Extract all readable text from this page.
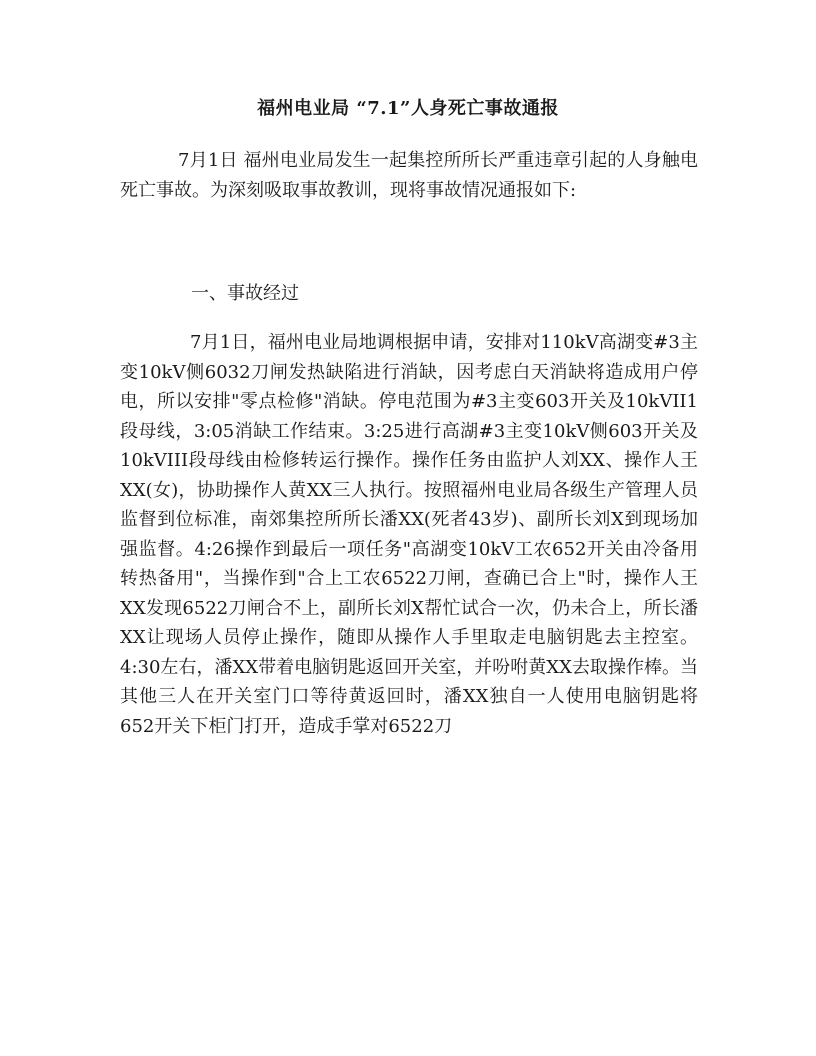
福州电业局 “7.1”人身死亡事故通报
7月1日 福州电业局发生一起集控所所长严重违章引起的人身触电死亡事故。为深刻吸取事故教训，现将事故情况通报如下:
一、事故经过
7月1日，福州电业局地调根据申请，安排对110kV高湖变#3主变10kV侧6032刀闸发热缺陷进行消缺，因考虑白天消缺将造成用户停电，所以安排"零点检修"消缺。停电范围为#3主变603开关及10kVII1段母线，3:05消缺工作结束。3:25进行高湖#3主变10kV侧603开关及10kVIII段母线由检修转运行操作。操作任务由监护人刘XX、操作人王XX(女)，协助操作人黄XX三人执行。按照福州电业局各级生产管理人员监督到位标准，南郊集控所所长潘XX(死者43岁)、副所长刘X到现场加强监督。4:26操作到最后一项任务"高湖变10kV工农652开关由冷备用转热备用"，当操作到"合上工农6522刀闸，查确已合上"时，操作人王XX发现6522刀闸合不上，副所长刘X帮忙试合一次，仍未合上，所长潘XX让现场人员停止操作，随即从操作人手里取走电脑钥匙去主控室。4:30左右，潘XX带着电脑钥匙返回开关室，并吩咐黄XX去取操作棒。当其他三人在开关室门口等待黄返回时，潘XX独自一人使用电脑钥匙将652开关下柜门打开，造成手掌对6522刀
